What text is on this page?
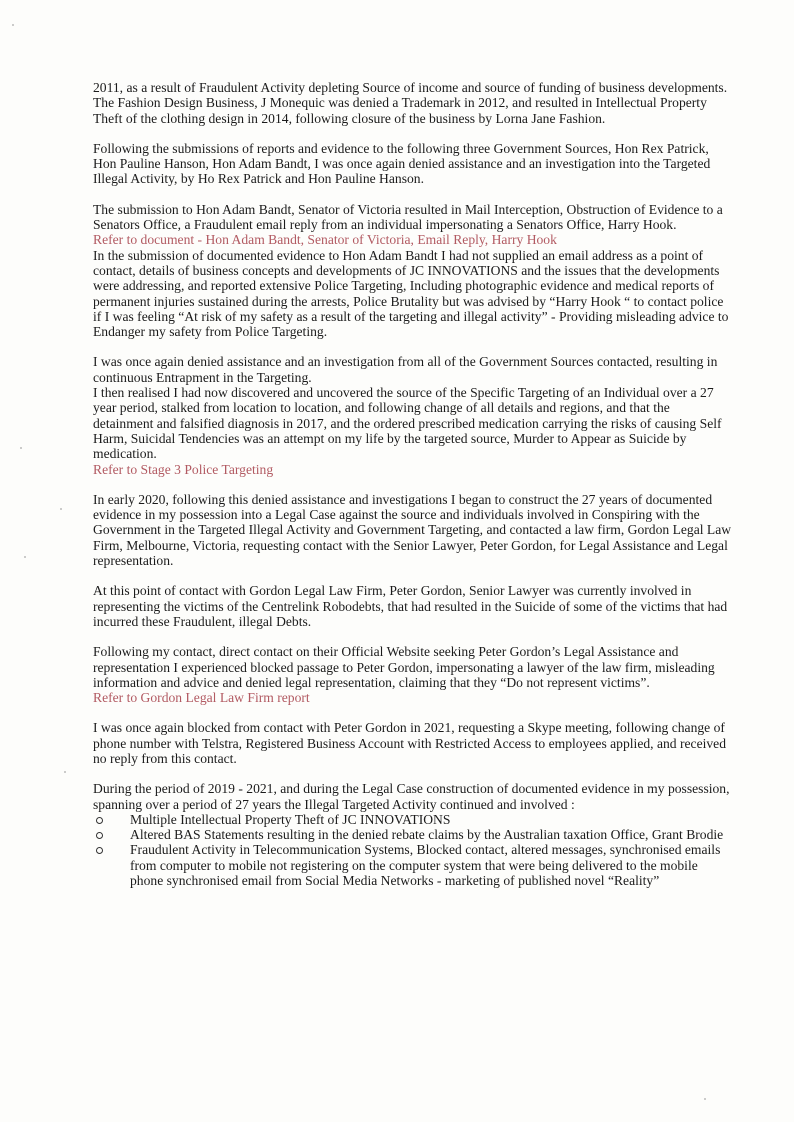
2011, as a result of Fraudulent Activity depleting Source of income and source of funding of business developments. The Fashion Design Business, J Monequic was denied a Trademark in 2012, and resulted in Intellectual Property Theft of the clothing design in 2014, following closure of the business by Lorna Jane Fashion.

Following the submissions of reports and evidence to the following three Government Sources, Hon Rex Patrick, Hon Pauline Hanson, Hon Adam Bandt, I was once again denied assistance and an investigation into the Targeted Illegal Activity, by Ho Rex Patrick and Hon Pauline Hanson.

The submission to Hon Adam Bandt, Senator of Victoria resulted in Mail Interception, Obstruction of Evidence to a Senators Office, a Fraudulent email reply from an individual impersonating a Senators Office, Harry Hook.

Refer to document - Hon Adam Bandt, Senator of Victoria, Email Reply, Harry Hook

In the submission of documented evidence to Hon Adam Bandt I had not supplied an email address as a point of contact, details of business concepts and developments of JC INNOVATIONS and the issues that the developments were addressing, and reported extensive Police Targeting, Including photographic evidence and medical reports of permanent injuries sustained during the arrests, Police Brutality but was advised by “Harry Hook “ to contact police if I was feeling “At risk of my safety as a result of the targeting and illegal activity” - Providing misleading advice to Endanger my safety from Police Targeting.

I was once again denied assistance and an investigation from all of the Government Sources contacted, resulting in continuous Entrapment in the Targeting.

I then realised I had now discovered and uncovered the source of the Specific Targeting of an Individual over a 27 year period, stalked from location to location, and following change of all details and regions, and that the detainment and falsified diagnosis in 2017, and the ordered prescribed medication carrying the risks of causing Self Harm, Suicidal Tendencies was an attempt on my life by the targeted source, Murder to Appear as Suicide by medication.

Refer to Stage 3 Police Targeting

In early 2020, following this denied assistance and investigations I began to construct the 27 years of documented evidence in my possession into a Legal Case against the source and individuals involved in Conspiring with the Government in the Targeted Illegal Activity and Government Targeting, and contacted a law firm, Gordon Legal Law Firm, Melbourne, Victoria, requesting contact with the Senior Lawyer, Peter Gordon, for Legal Assistance and Legal representation.

At this point of contact with Gordon Legal Law Firm, Peter Gordon, Senior Lawyer was currently involved in representing the victims of the Centrelink Robodebts, that had resulted in the Suicide of some of the victims that had incurred these Fraudulent, illegal Debts.

Following my contact, direct contact on their Official Website seeking Peter Gordon’s Legal Assistance and representation I experienced blocked passage to Peter Gordon, impersonating a lawyer of the law firm, misleading information and advice and denied legal representation, claiming that they “Do not represent victims”.

Refer to Gordon Legal Law Firm report

I was once again blocked from contact with Peter Gordon in 2021, requesting a Skype meeting, following change of phone number with Telstra, Registered Business Account with Restricted Access to employees applied, and received no reply from this contact.

During the period of 2019 - 2021, and during the Legal Case construction of documented evidence in my possession, spanning over a period of 27 years the Illegal Targeted Activity continued and involved :

Multiple Intellectual Property Theft of JC INNOVATIONS
Altered BAS Statements resulting in the denied rebate claims by the Australian taxation Office, Grant Brodie
Fraudulent Activity in Telecommunication Systems, Blocked contact, altered messages, synchronised emails from computer to mobile not registering on the computer system that were being delivered to the mobile phone synchronised email from Social Media Networks - marketing of published novel “Reality”
